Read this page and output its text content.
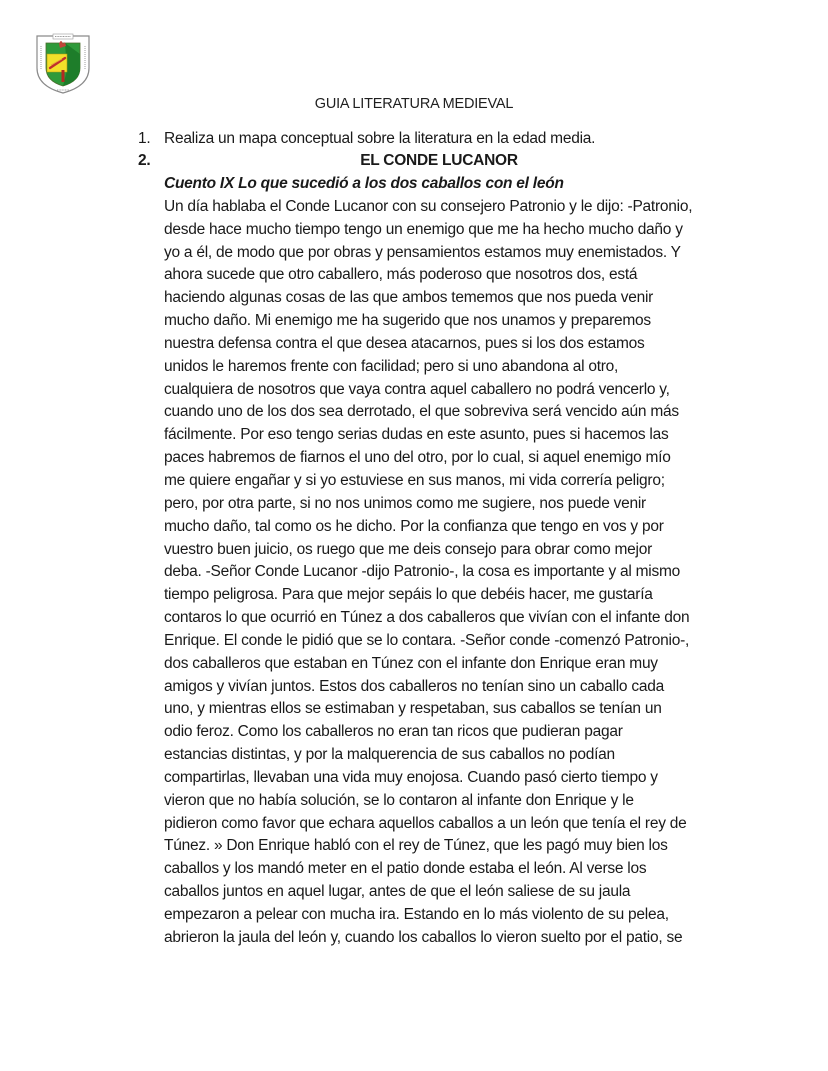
GUIA LITERATURA MEDIEVAL
1. Realiza un mapa conceptual sobre la literatura en la edad media.
2.	EL CONDE LUCANOR
Cuento IX Lo que sucedió a los dos caballos con el león
Un día hablaba el Conde Lucanor con su consejero Patronio y le dijo: -Patronio,
desde hace mucho tiempo tengo un enemigo que me ha hecho mucho daño y
yo a él, de modo que por obras y pensamientos estamos muy enemistados. Y
ahora sucede que otro caballero, más poderoso que nosotros dos, está
haciendo algunas cosas de las que ambos tememos que nos pueda venir
mucho daño. Mi enemigo me ha sugerido que nos unamos y preparemos
nuestra defensa contra el que desea atacarnos, pues si los dos estamos
unidos le haremos frente con facilidad; pero si uno abandona al otro,
cualquiera de nosotros que vaya contra aquel caballero no podrá vencerlo y,
cuando uno de los dos sea derrotado, el que sobreviva será vencido aún más
fácilmente. Por eso tengo serias dudas en este asunto, pues si hacemos las
paces habremos de fiarnos el uno del otro, por lo cual, si aquel enemigo mío
me quiere engañar y si yo estuviese en sus manos, mi vida correría peligro;
pero, por otra parte, si no nos unimos como me sugiere, nos puede venir
mucho daño, tal como os he dicho. Por la confianza que tengo en vos y por
vuestro buen juicio, os ruego que me deis consejo para obrar como mejor
deba. -Señor Conde Lucanor -dijo Patronio-, la cosa es importante y al mismo
tiempo peligrosa. Para que mejor sepáis lo que debéis hacer, me gustaría
contaros lo que ocurrió en Túnez a dos caballeros que vivían con el infante don
Enrique. El conde le pidió que se lo contara. -Señor conde -comenzó Patronio-,
dos caballeros que estaban en Túnez con el infante don Enrique eran muy
amigos y vivían juntos. Estos dos caballeros no tenían sino un caballo cada
uno, y mientras ellos se estimaban y respetaban, sus caballos se tenían un
odio feroz. Como los caballeros no eran tan ricos que pudieran pagar
estancias distintas, y por la malquerencia de sus caballos no podían
compartirlas, llevaban una vida muy enojosa. Cuando pasó cierto tiempo y
vieron que no había solución, se lo contaron al infante don Enrique y le
pidieron como favor que echara aquellos caballos a un león que tenía el rey de
Túnez. » Don Enrique habló con el rey de Túnez, que les pagó muy bien los
caballos y los mandó meter en el patio donde estaba el león. Al verse los
caballos juntos en aquel lugar, antes de que el león saliese de su jaula
empezaron a pelear con mucha ira. Estando en lo más violento de su pelea,
abrieron la jaula del león y, cuando los caballos lo vieron suelto por el patio, se
